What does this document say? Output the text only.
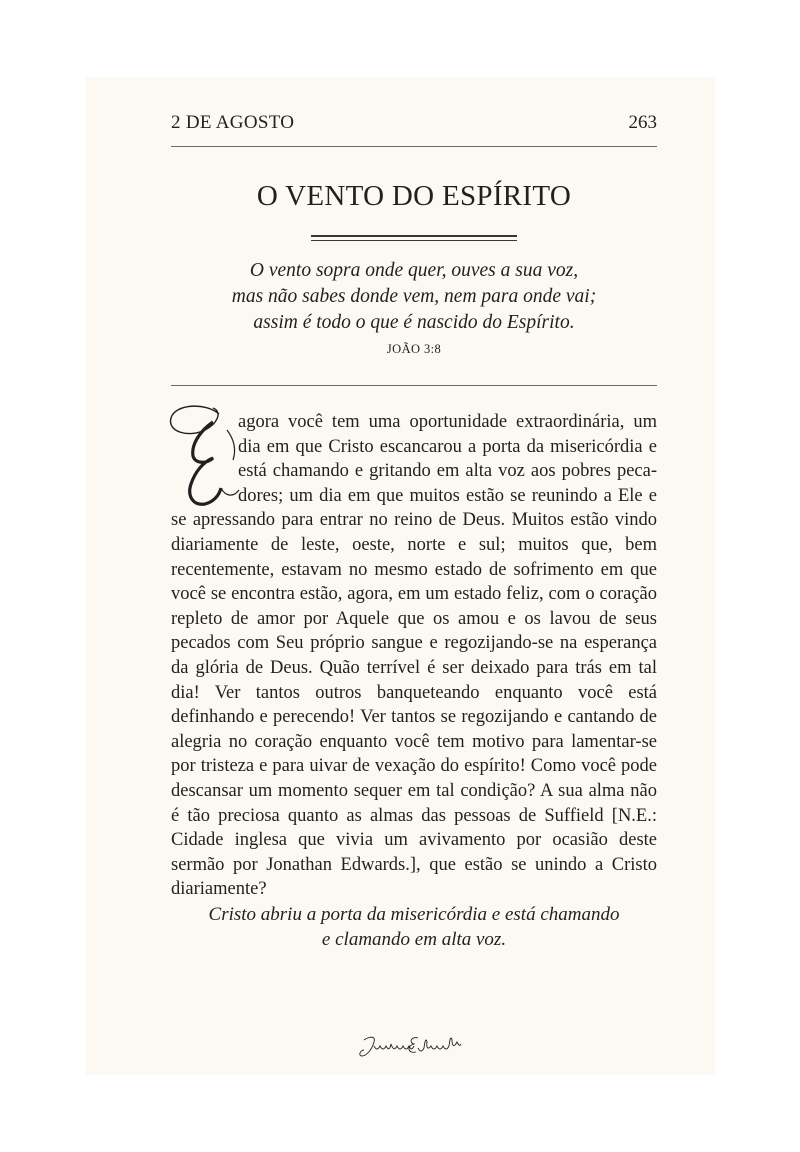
2 DE AGOSTO	263
O VENTO DO ESPÍRITO
O vento sopra onde quer, ouves a sua voz,
mas não sabes donde vem, nem para onde vai;
assim é todo o que é nascido do Espírito.
JOÃO 3:8

agora você tem uma oportunidade extraordinária, um dia em que Cristo escancarou a porta da misericórdia e está chamando e gritando em alta voz aos pobres pecadores; um dia em que muitos estão se reunindo a Ele e se apressando para entrar no reino de Deus. Muitos estão vindo diariamente de leste, oeste, norte e sul; muitos que, bem recentemente, estavam no mesmo estado de sofrimento em que você se encontra estão, agora, em um estado feliz, com o coração repleto de amor por Aquele que os amou e os lavou de seus pecados com Seu próprio sangue e regozijando-se na esperança da glória de Deus. Quão terrível é ser deixado para trás em tal dia! Ver tantos outros banqueteando enquanto você está definhando e perecendo! Ver tantos se regozijando e cantando de alegria no coração enquanto você tem motivo para lamentar-se por tristeza e para uivar de vexação do espírito! Como você pode descansar um momento sequer em tal condição? A sua alma não é tão preciosa quanto as almas das pessoas de Suffield [N.E.: Cidade inglesa que vivia um avivamento por ocasião deste sermão por Jonathan Edwards.], que estão se unindo a Cristo diariamente?

Cristo abriu a porta da misericórdia e está chamando
e clamando em alta voz.
